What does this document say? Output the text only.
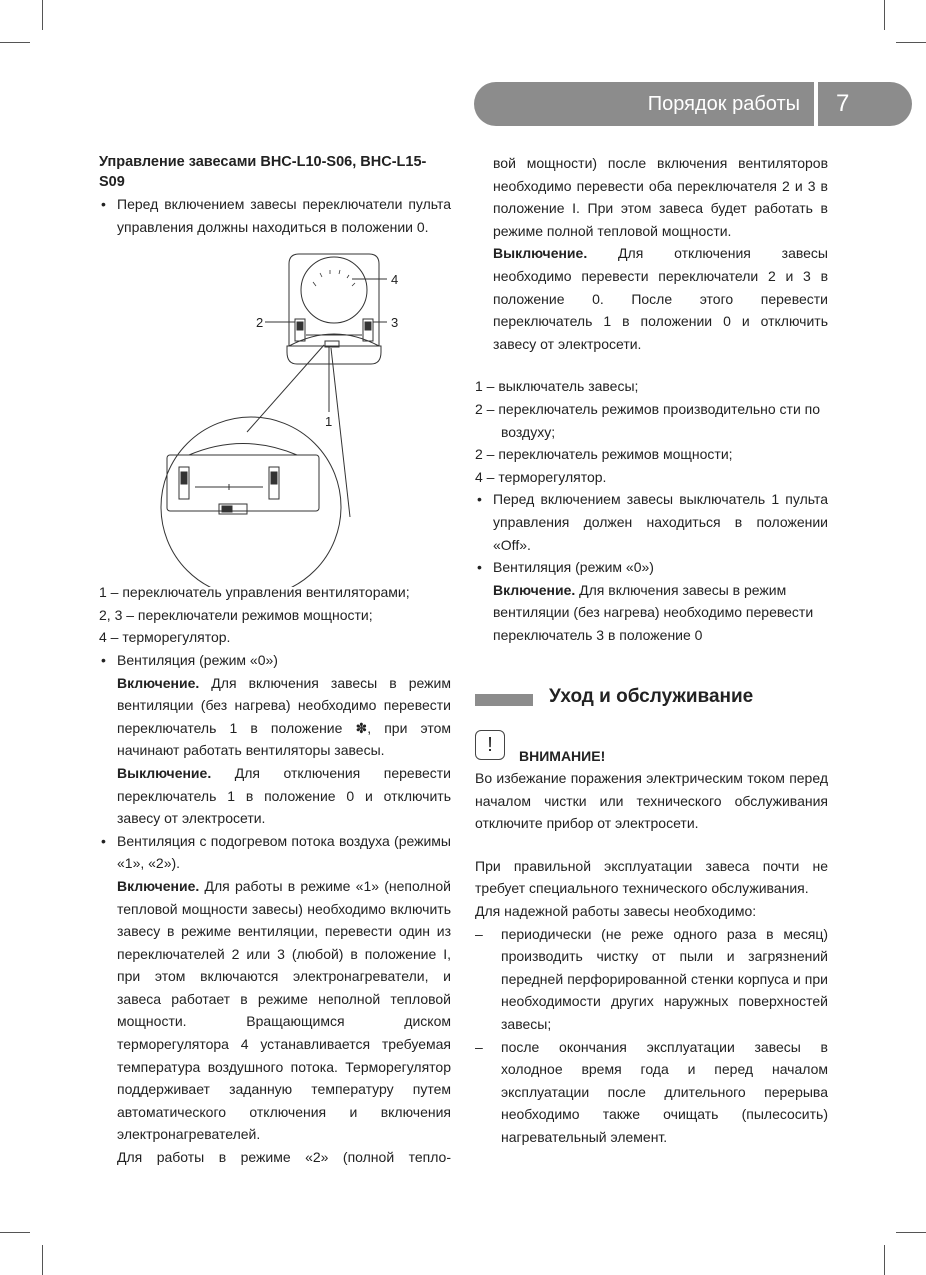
Порядок работы	7

Управление завесами BHC-L10-S06, BHC-L15-S09

• Перед включением завесы переключатели пульта управления должны находиться в положении 0.

2	3
4
1

1 – переключатель управления вентиляторами;

2, 3 – переключатели режимов мощности;

4 – терморегулятор.

• Вентиляция (режим «0»)

Включение. Для включения завесы в режим вентиляции (без нагрева) необходимо перевести переключатель 1 в положение ✽, при этом начинают работать вентиляторы завесы.

Выключение. Для отключения перевести переключатель 1 в положение 0 и отключить завесу от электросети.

• Вентиляция с подогревом потока воздуха (режимы «1», «2»).

Включение. Для работы в режиме «1» (неполной тепловой мощности завесы) необходимо включить завесу в режиме вентиляции, перевести один из переключателей 2 или 3 (любой) в положение I, при этом включаются электронагреватели, и завеса работает в режиме неполной тепловой мощности. Вращающимся диском терморегулятора 4 устанавливается требуемая температура воздушного потока. Терморегулятор поддерживает заданную температуру путем автоматического отключения и включения электронагревателей.

Для работы в режиме «2» (полной тепло-

вой мощности) после включения вентиляторов необходимо перевести оба переключателя 2 и 3 в положение I. При этом завеса будет работать в режиме полной тепловой мощности.

Выключение. Для отключения завесы необходимо перевести переключатели 2 и 3 в положение 0. После этого перевести переключатель 1 в положении 0 и отключить завесу от электросети.

1 – выключатель завесы;

2 – переключатель режимов производительно сти по воздуху;

2 – переключатель режимов мощности;

4 – терморегулятор.

• Перед включением завесы выключатель 1 пульта управления должен находиться в положении «Off».

• Вентиляция (режим «0»)

Включение. Для включения завесы в режим вентиляции (без нагрева) необходимо перевести переключатель 3 в положение 0

Уход и обслуживание
!	ВНИМАНИЕ!

Во избежание поражения электрическим током перед началом чистки или технического обслуживания отключите прибор от электросети.

При правильной эксплуатации завеса почти не требует специального технического обслуживания.

Для надежной работы завесы необходимо:

– периодически (не реже одного раза в месяц) производить чистку от пыли и загрязнений передней перфорированной стенки корпуса и при необходимости других наружных поверхностей завесы;

– после окончания эксплуатации завесы в холодное время года и перед началом эксплуатации после длительного перерыва необходимо также очищать (пылесосить) нагревательный элемент.
